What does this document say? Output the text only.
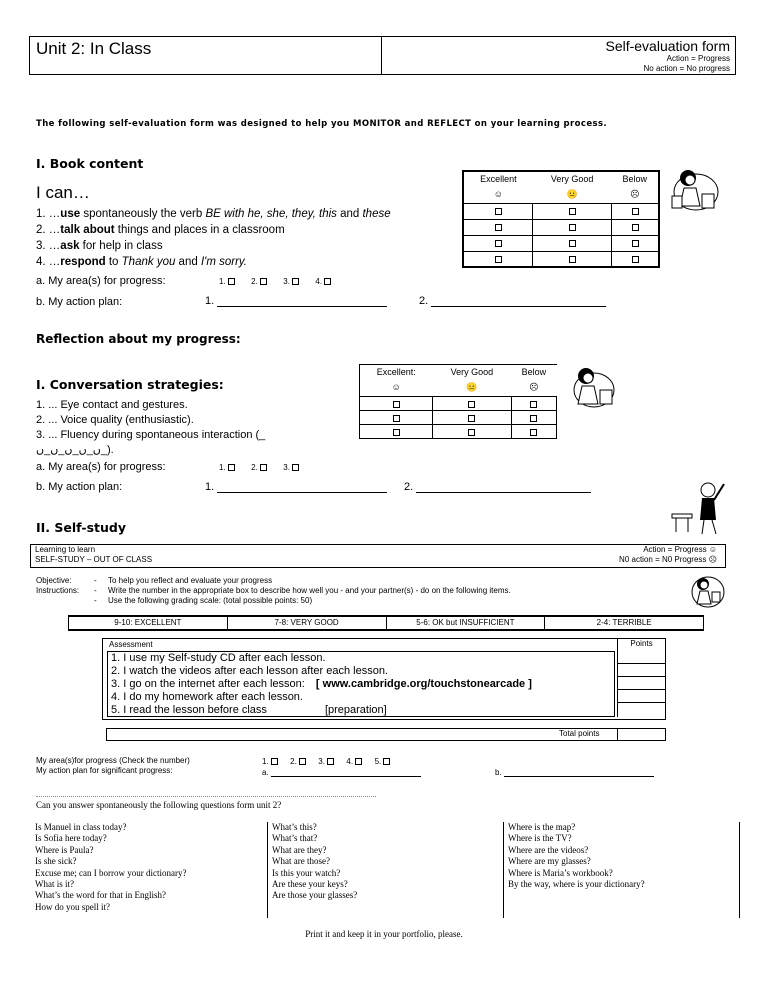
Unit 2: In Class	Self-evaluation form
Action = Progress
No action = No progress
The following self-evaluation form was designed to help you MONITOR and REFLECT on your learning process.
I. Book content
I can…
1. …use spontaneously the verb BE with he, she, they, this and these
2. …talk about things and places in a classroom
3. …ask for help in class
4. …respond to Thank you and I'm sorry.
Excellent	Very Good	Below
☺	😐	☹

a. My area(s) for progress:	1.	2.	3.	4.
b. My action plan:	1.	2.
Reflection about my progress:
I. Conversation strategies:
1. ... Eye contact and gestures.
2. ... Voice quality (enthusiastic).
3. ... Fluency during spontaneous interaction (_
ں_ں_ں_ں_ں_).
Excellent:	Very Good	Below
☺	😐	☹

a. My area(s) for progress:	1.	2.	3.
b. My action plan:	1.	2.
II. Self-study
Learning to learn
SELF-STUDY – OUT OF CLASS
Action = Progress ☺
N0 action = N0 Progress ☹
Objective:	- To help you reflect and evaluate your progress
Instructions: - Write the number in the appropriate box to describe how well you - and your partner(s) - do on the following items.
- Use the following grading scale: (total possible points: 50)
9-10: EXCELLENT	7-8: VERY GOOD	5-6: OK but INSUFFICIENT	2-4: TERRIBLE
Assessment	Points
1. I use my Self-study CD after each lesson.
2. I watch the videos after each lesson after each lesson.
3. I go on the internet after each lesson: [ www.cambridge.org/touchstonearcade ]
4. I do my homework after each lesson.
5. I read the lesson before class	[preparation]
Total points
My area(s)for progress (Check the number)
My action plan for significant progress:
1.	2.	3.	4.	5.
a.	b.
Can you answer spontaneously the following questions form unit 2?
Is Manuel in class today?
Is Sofia here today?
Where is Paula?
Is she sick?
Excuse me; can I borrow your dictionary?
What is it?
What’s the word for that in English?
How do you spell it?
What’s this?
What’s that?
What are they?
What are those?
Is this your watch?
Are these your keys?
Are those your glasses?
Where is the map?
Where is the TV?
Where are the videos?
Where are my glasses?
Where is Maria’s workbook?
By the way, where is your dictionary?
Print it and keep it in your portfolio, please.
